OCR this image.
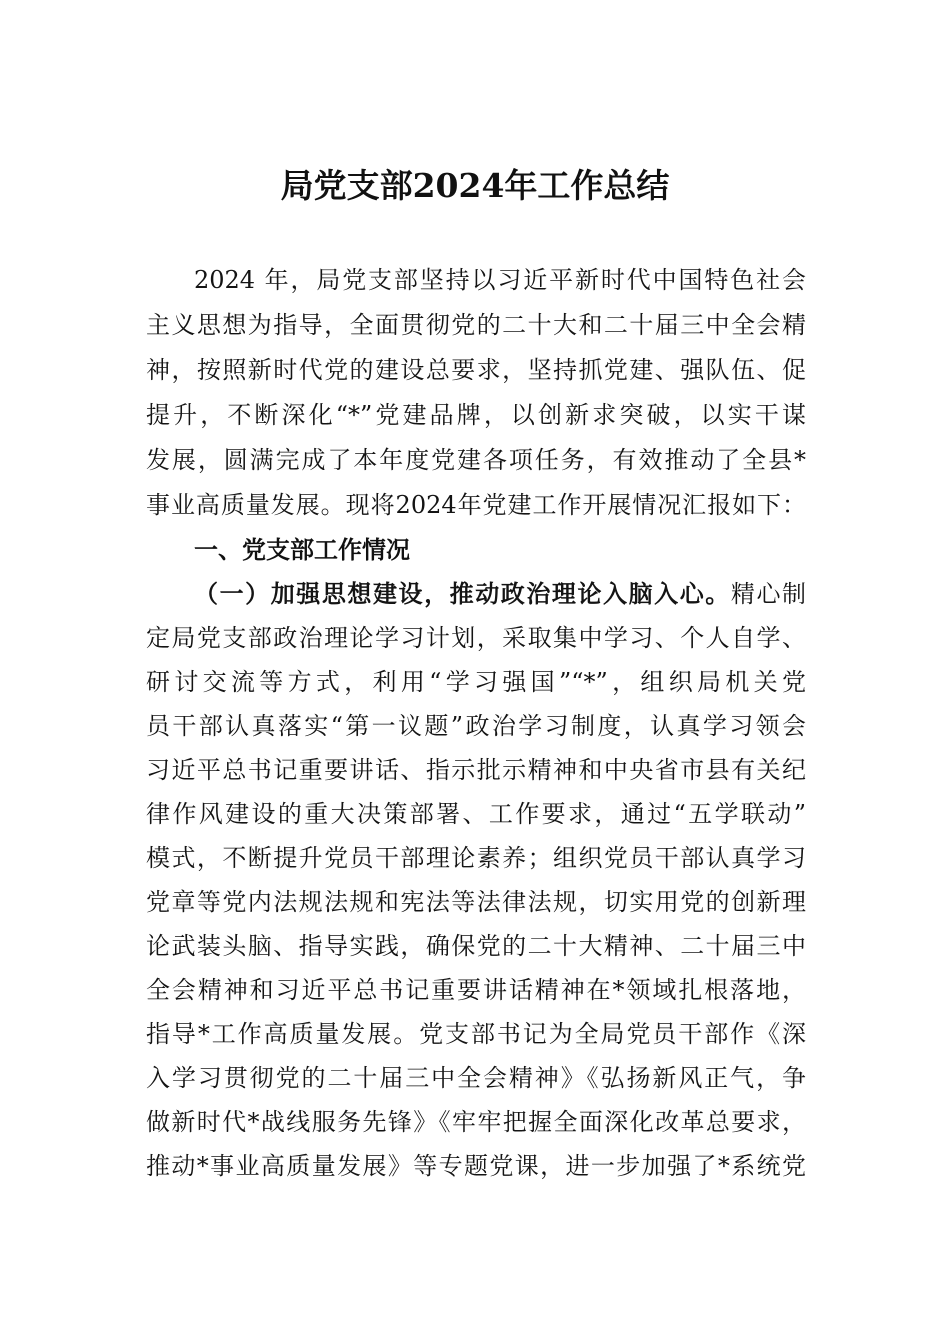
局党支部2024年工作总结
2024 年，局党支部坚持以习近平新时代中国特色社会
主义思想为指导，全面贯彻党的二十大和二十届三中全会精
神，按照新时代党的建设总要求，坚持抓党建、强队伍、促
提升，不断深化“*”党建品牌，以创新求突破，以实干谋
发展，圆满完成了本年度党建各项任务，有效推动了全县*
事业高质量发展。现将2024年党建工作开展情况汇报如下：
一、党支部工作情况
（一）加强思想建设，推动政治理论入脑入心。精心制
定局党支部政治理论学习计划，采取集中学习、个人自学、
研讨交流等方式，利用“学习强国”“*”，组织局机关党
员干部认真落实“第一议题”政治学习制度，认真学习领会
习近平总书记重要讲话、指示批示精神和中央省市县有关纪
律作风建设的重大决策部署、工作要求，通过“五学联动”
模式，不断提升党员干部理论素养；组织党员干部认真学习
党章等党内法规法规和宪法等法律法规，切实用党的创新理
论武装头脑、指导实践，确保党的二十大精神、二十届三中
全会精神和习近平总书记重要讲话精神在*领域扎根落地，
指导*工作高质量发展。党支部书记为全局党员干部作《深
入学习贯彻党的二十届三中全会精神》《弘扬新风正气，争
做新时代*战线服务先锋》《牢牢把握全面深化改革总要求，
推动*事业高质量发展》等专题党课，进一步加强了*系统党
